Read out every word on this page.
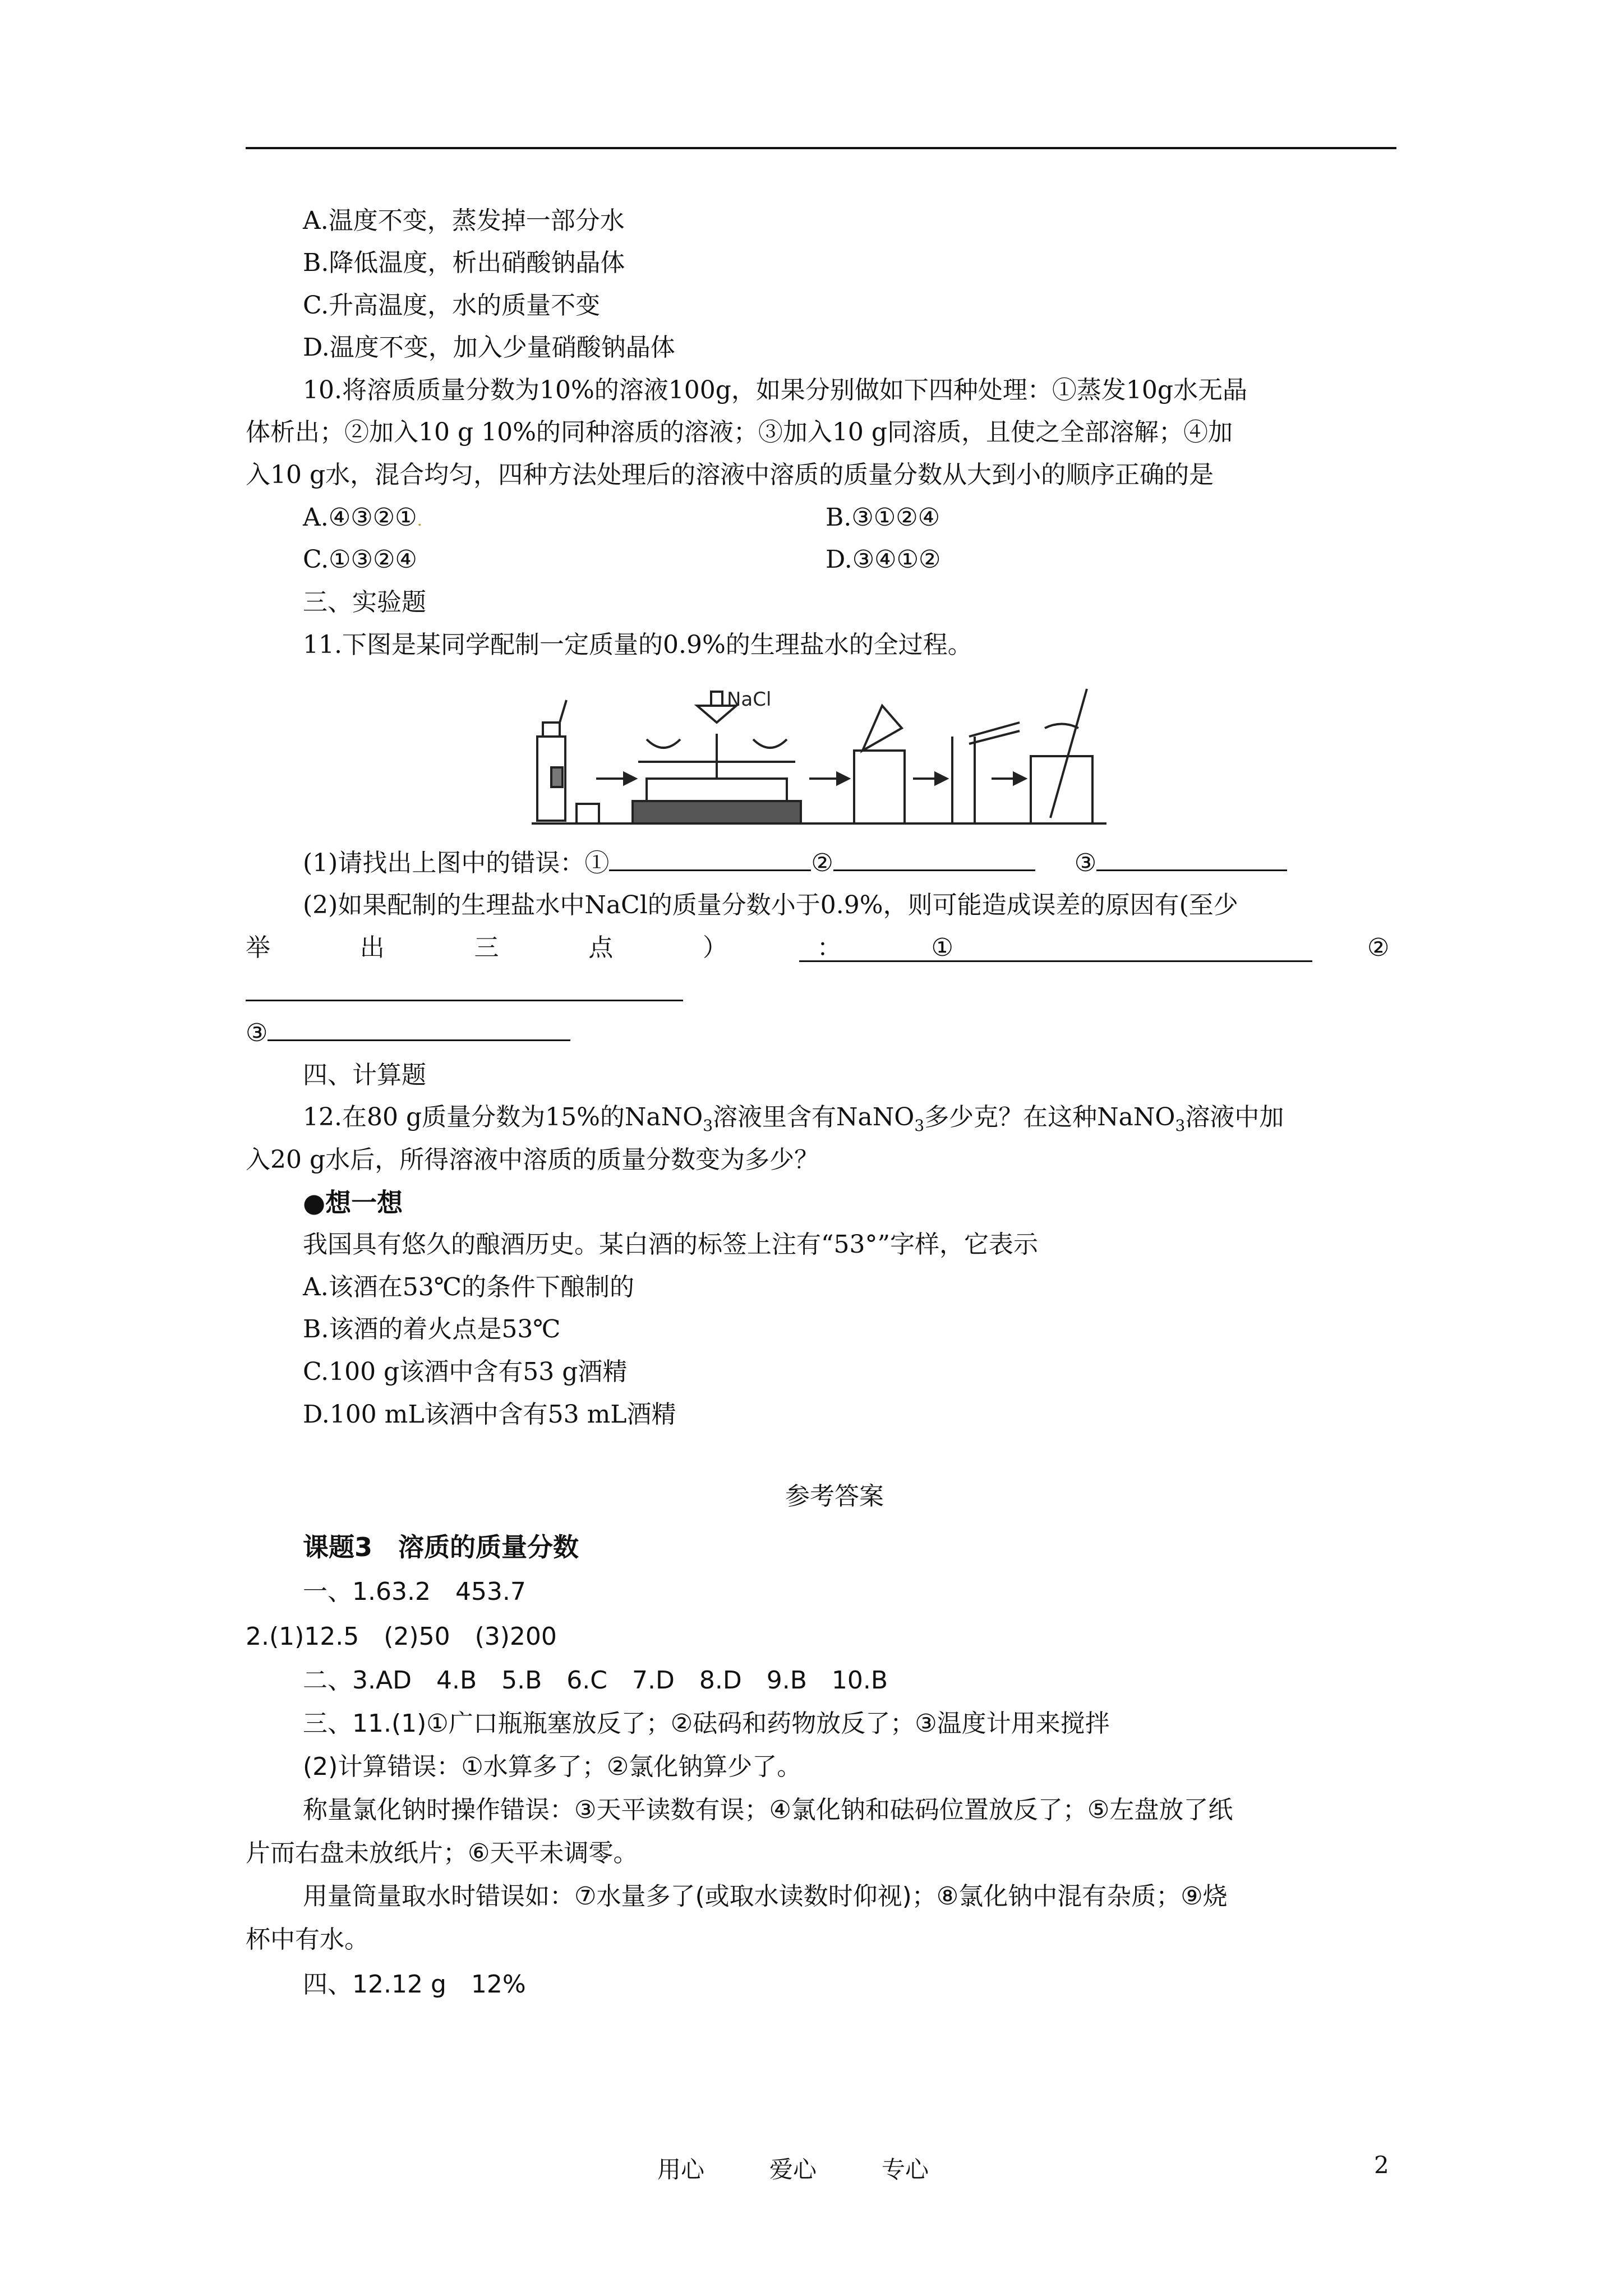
A.温度不变，蒸发掉一部分水
B.降低温度，析出硝酸钠晶体
C.升高温度，水的质量不变
D.温度不变，加入少量硝酸钠晶体
10.将溶质质量分数为10%的溶液100g，如果分别做如下四种处理：①蒸发10g水无晶
体析出；②加入10 g 10%的同种溶质的溶液；③加入10 g同溶质，且使之全部溶解；④加
入10 g水，混合均匀，四种方法处理后的溶液中溶质的质量分数从大到小的顺序正确的是
A.④③②①.	B.③①②④
C.①③②④	D.③④①②
三、实验题
11.下图是某同学配制一定质量的0.9%的生理盐水的全过程。
NaCl
(1)请找出上图中的错误：①	②	③
(2)如果配制的生理盐水中NaCl的质量分数小于0.9%，则可能造成误差的原因有(至少
举	出	三	点	）	：	①	②
③
四、计算题
12.在80 g质量分数为15%的NaNO$_3$溶液里含有NaNO$_3$多少克？在这种NaNO$_3$溶液中加
入20 g水后，所得溶液中溶质的质量分数变为多少？
●想一想
我国具有悠久的酿酒历史。某白酒的标签上注有“53°”字样，它表示
A.该酒在53℃的条件下酿制的
B.该酒的着火点是53℃
C.100 g该酒中含有53 g酒精
D.100 mL该酒中含有53 mL酒精
参考答案
课题3　溶质的质量分数
一、1.63.2　453.7
2.(1)12.5　(2)50　(3)200
二、3.AD　4.B　5.B　6.C　7.D　8.D　9.B　10.B
三、11.(1)①广口瓶瓶塞放反了；②砝码和药物放反了；③温度计用来搅拌
(2)计算错误：①水算多了；②氯化钠算少了。
称量氯化钠时操作错误：③天平读数有误；④氯化钠和砝码位置放反了；⑤左盘放了纸
片而右盘未放纸片；⑥天平未调零。
用量筒量取水时错误如：⑦水量多了(或取水读数时仰视)；⑧氯化钠中混有杂质；⑨烧
杯中有水。
四、12.12 g　12%
用心	爱心	专心	2
